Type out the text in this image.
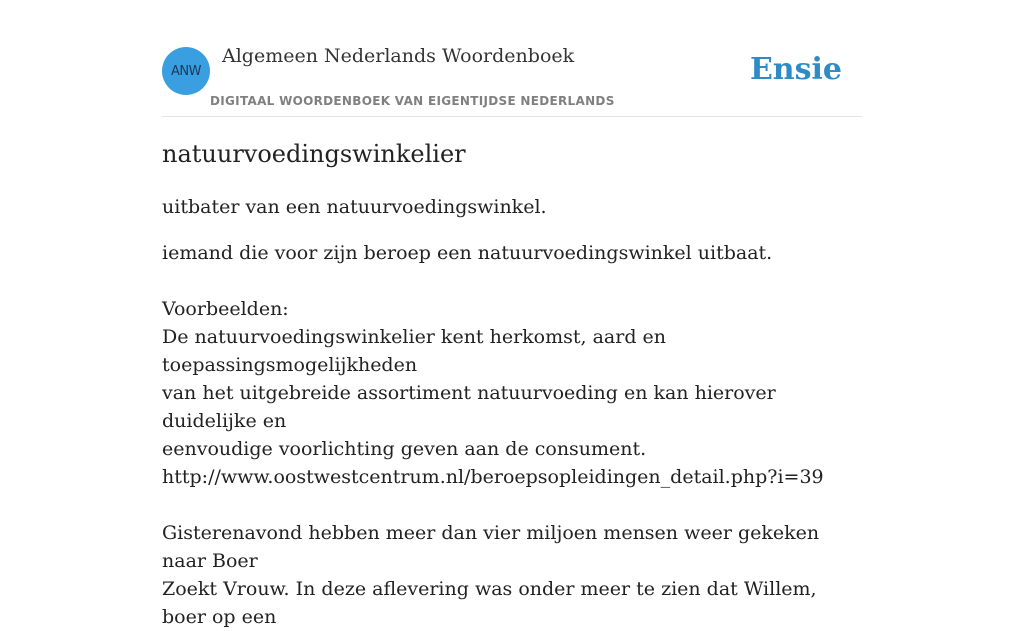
ANW
Algemeen Nederlands Woordenboek
DIGITAAL WOORDENBOEK VAN EIGENTIJDSE NEDERLANDS
Ensie
natuurvoedingswinkelier

uitbater van een natuurvoedingswinkel.

iemand die voor zijn beroep een natuurvoedingswinkel uitbaat.

Voorbeelden:

De natuurvoedingswinkelier kent herkomst, aard en toepassingsmogelijkheden

van het uitgebreide assortiment natuurvoeding en kan hierover duidelijke en

eenvoudige voorlichting geven aan de consument.

http://www.oostwestcentrum.nl/beroepsopleidingen_detail.php?i=39

Gisterenavond hebben meer dan vier miljoen mensen weer gekeken naar Boer

Zoekt Vrouw. In deze aflevering was onder meer te zien dat Willem, boer op een
